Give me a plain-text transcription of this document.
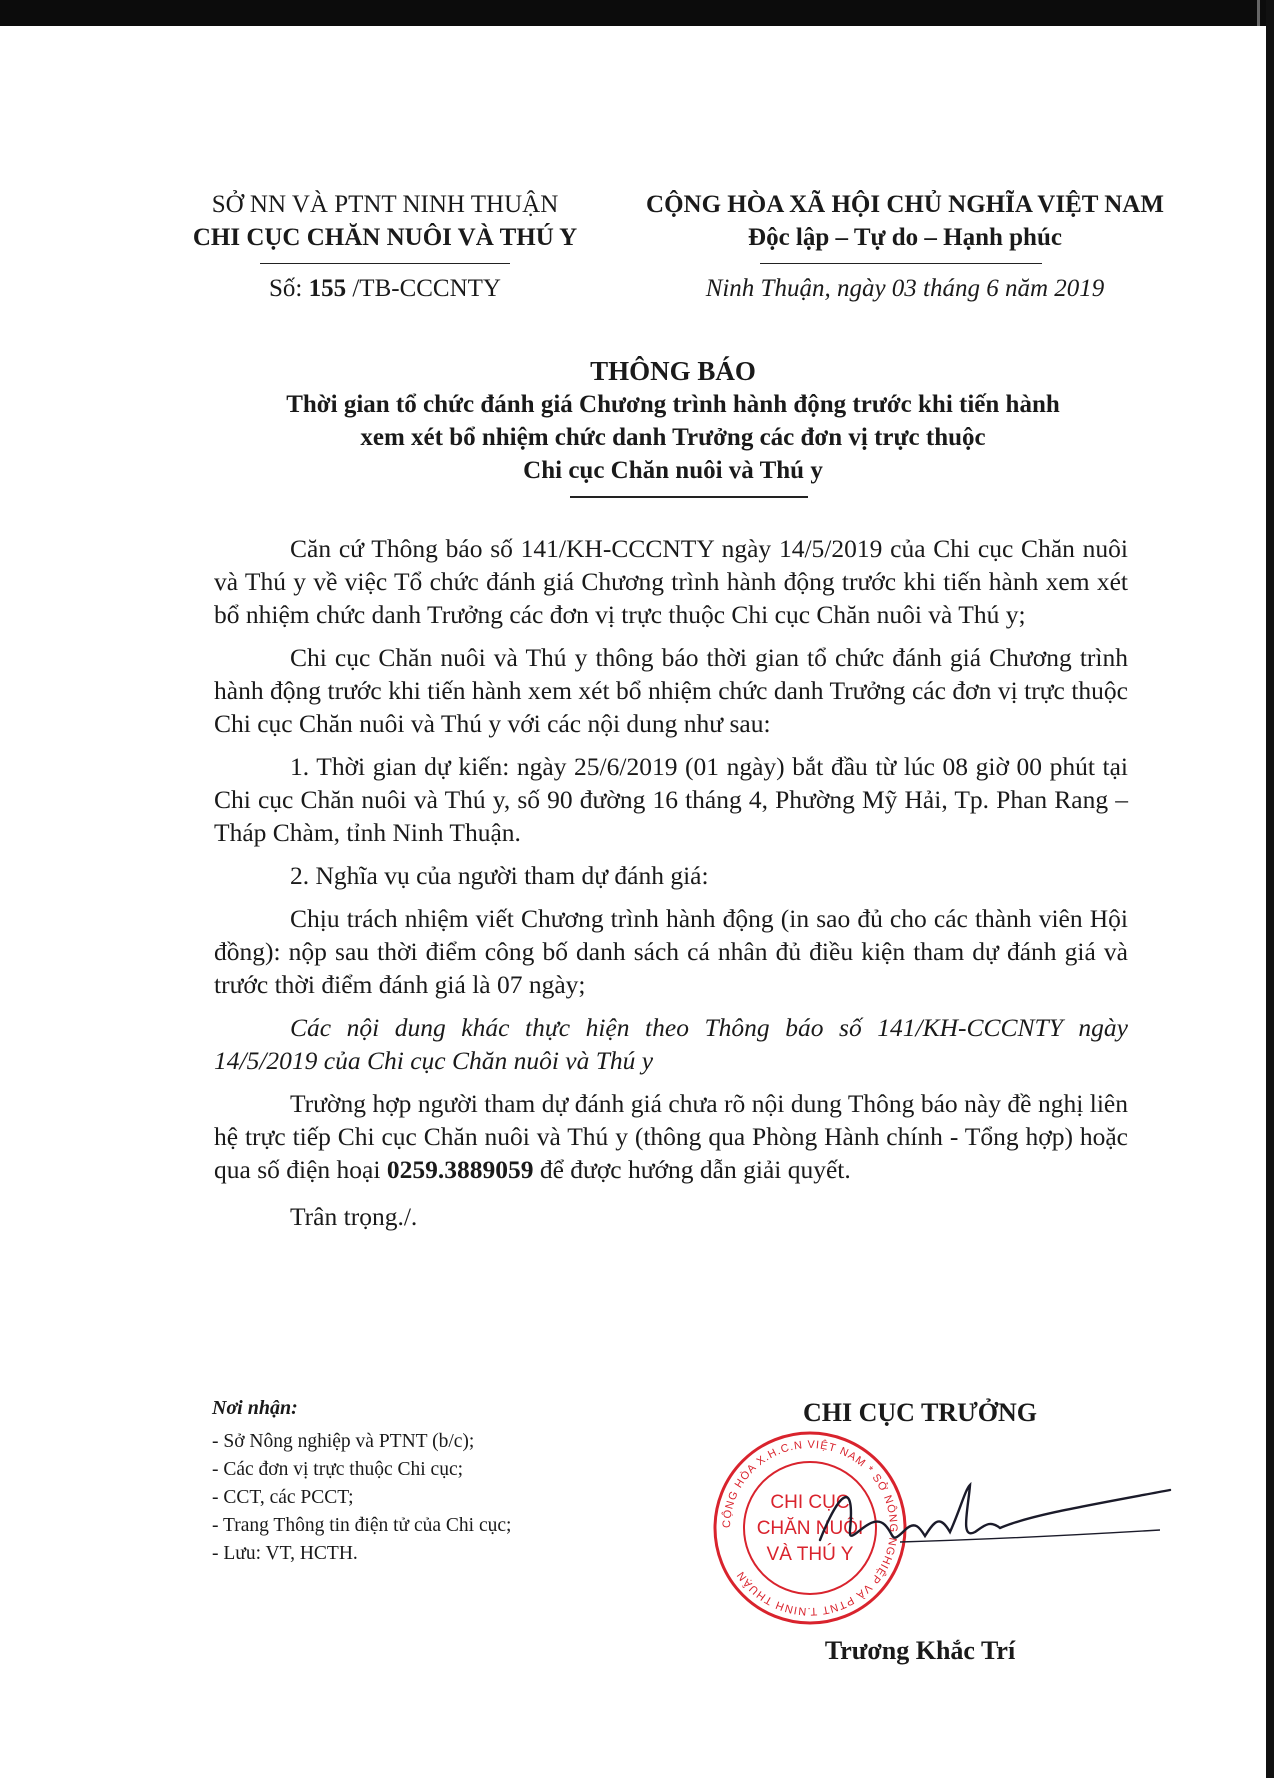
SỞ NN VÀ PTNT NINH THUẬN
CHI CỤC CHĂN NUÔI VÀ THÚ Y
CỘNG HÒA XÃ HỘI CHỦ NGHĨA VIỆT NAM
Độc lập – Tự do – Hạnh phúc
Số: 155 /TB-CCCNTY	Ninh Thuận, ngày 03 tháng 6 năm 2019
THÔNG BÁO
Thời gian tổ chức đánh giá Chương trình hành động trước khi tiến hành
xem xét bổ nhiệm chức danh Trưởng các đơn vị trực thuộc
Chi cục Chăn nuôi và Thú y

Căn cứ Thông báo số 141/KH-CCCNTY ngày 14/5/2019 của Chi cục Chăn nuôi và Thú y về việc Tổ chức đánh giá Chương trình hành động trước khi tiến hành xem xét bổ nhiệm chức danh Trưởng các đơn vị trực thuộc Chi cục Chăn nuôi và Thú y;

Chi cục Chăn nuôi và Thú y thông báo thời gian tổ chức đánh giá Chương trình hành động trước khi tiến hành xem xét bổ nhiệm chức danh Trưởng các đơn vị trực thuộc Chi cục Chăn nuôi và Thú y với các nội dung như sau:

1. Thời gian dự kiến: ngày 25/6/2019 (01 ngày) bắt đầu từ lúc 08 giờ 00 phút tại Chi cục Chăn nuôi và Thú y, số 90 đường 16 tháng 4, Phường Mỹ Hải, Tp. Phan Rang – Tháp Chàm, tỉnh Ninh Thuận.

2. Nghĩa vụ của người tham dự đánh giá:

Chịu trách nhiệm viết Chương trình hành động (in sao đủ cho các thành viên Hội đồng): nộp sau thời điểm công bố danh sách cá nhân đủ điều kiện tham dự đánh giá và trước thời điểm đánh giá là 07 ngày;

Các nội dung khác thực hiện theo Thông báo số 141/KH-CCCNTY ngày 14/5/2019 của Chi cục Chăn nuôi và Thú y

Trường hợp người tham dự đánh giá chưa rõ nội dung Thông báo này đề nghị liên hệ trực tiếp Chi cục Chăn nuôi và Thú y (thông qua Phòng Hành chính - Tổng hợp) hoặc qua số điện hoại 0259.3889059 để được hướng dẫn giải quyết.

Trân trọng./.

Nơi nhận:
- Sở Nông nghiệp và PTNT (b/c);
- Các đơn vị trực thuộc Chi cục;
- CCT, các PCCT;
- Trang Thông tin điện tử của Chi cục;
- Lưu: VT, HCTH.
CHI CỤC TRƯỞNG
CỘNG HÒA X.H.C.N VIỆT NAM * SỞ NÔNG NGHIỆP VÀ PTNT T.NINH THUẬN
CHI CỤC
CHĂN NUÔI
VÀ THÚ Y
Trương Khắc Trí
